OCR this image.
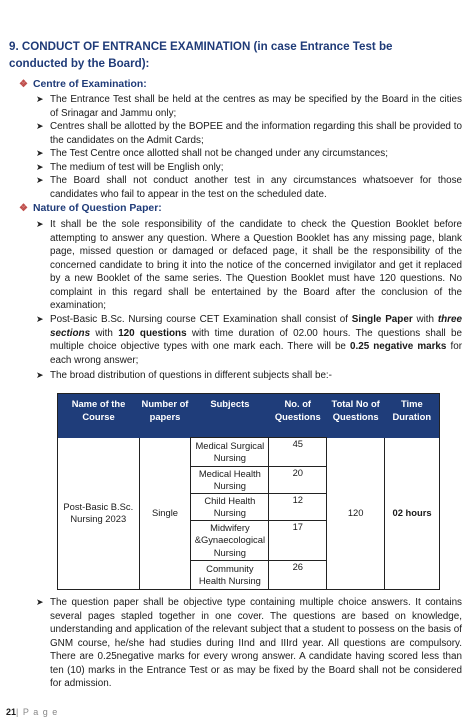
9. CONDUCT OF ENTRANCE EXAMINATION (in case Entrance Test be conducted by the Board):
❖ Centre of Examination:
➤ The Entrance Test shall be held at the centres as may be specified by the Board in the cities of Srinagar and Jammu only;
➤ Centres shall be allotted by the BOPEE and the information regarding this shall be provided to the candidates on the Admit Cards;
➤ The Test Centre once allotted shall not be changed under any circumstances;
➤ The medium of test will be English only;
➤ The Board shall not conduct another test in any circumstances whatsoever for those candidates who fail to appear in the test on the scheduled date.
❖ Nature of Question Paper:
➤ It shall be the sole responsibility of the candidate to check the Question Booklet before attempting to answer any question. Where a Question Booklet has any missing page, blank page, missed question or damaged or defaced page, it shall be the responsibility of the concerned candidate to bring it into the notice of the concerned invigilator and get it replaced by a new Booklet of the same series. The Question Booklet must have 120 questions. No complaint in this regard shall be entertained by the Board after the conclusion of the examination;
➤ Post-Basic B.Sc. Nursing course CET Examination shall consist of Single Paper with three sections with 120 questions with time duration of 02.00 hours. The questions shall be multiple choice objective types with one mark each. There will be 0.25 negative marks for each wrong answer;
➤ The broad distribution of questions in different subjects shall be:-
Name of the Course	Number of papers	Subjects	No. of Questions	Total No of Questions	Time Duration
Post-Basic B.Sc. Nursing 2023	Single	Medical Surgical Nursing	45	120	02 hours
		Medical Health Nursing	20		
		Child Health Nursing	12		
		Midwifery &Gynaecological Nursing	17		
		Community Health Nursing	26		
➤ The question paper shall be objective type containing multiple choice answers. It contains several pages stapled together in one cover. The questions are based on knowledge, understanding and application of the relevant subject that a student to possess on the basis of GNM course, he/she had studies during IInd and IIIrd year. All questions are compulsory. There are 0.25negative marks for every wrong answer. A candidate having scored less than ten (10) marks in the Entrance Test or as may be fixed by the Board shall not be considered for admission.
21| P a g e
